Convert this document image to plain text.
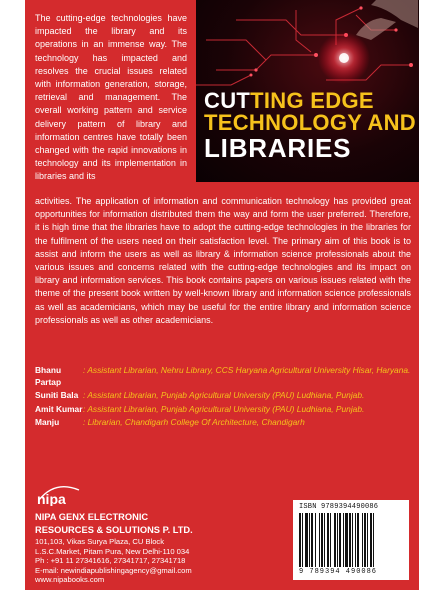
CUTTING EDGE
TECHNOLOGY AND
LIBRARIES
The cutting-edge technologies have impacted the library and its operations in an immense way. The technology has impacted and resolves the crucial issues related with information generation, storage, retrieval and management. The overall working pattern and service delivery pattern of library and information centres have totally been changed with the rapid innovations in technology and its implementation in libraries and its
activities. The application of information and communication technology has provided great opportunities for information distributed them the way and form the user preferred. Therefore, it is high time that the libraries have to adopt the cutting-edge technologies in the libraries for the fulfilment of the users need on their satisfaction level. The primary aim of this book is to assist and inform the users as well as library & information science professionals about the various issues and concerns related with the cutting-edge technologies and its impact on library and information services. This book contains papers on various issues related with the theme of the present book written by well-known library and information science professionals as well as academicians, which may be useful for the entire library and information science professionals as well as other academicians.
Bhanu Partap
: Assistant Librarian, Nehru Library, CCS Haryana Agricultural University Hisar, Haryana.
Suniti Bala : Assistant Librarian, Punjab Agricultural University (PAU) Ludhiana, Punjab.
Amit Kumar : Assistant Librarian, Punjab Agricultural University (PAU) Ludhiana, Punjab.
Manju	: Librarian, Chandigarh College Of Architecture, Chandigarh
nipa
NIPA GENX ELECTRONIC
RESOURCES & SOLUTIONS P. LTD.
101,103, Vikas Surya Plaza, CU Block
L.S.C.Market, Pitam Pura, New Delhi-110 034
Ph : +91 11 27341616, 27341717, 27341718
E-mail: newindiapublishingagency@gmail.com
www.nipabooks.com
ISBN 9789394490086
9 789394 490086
